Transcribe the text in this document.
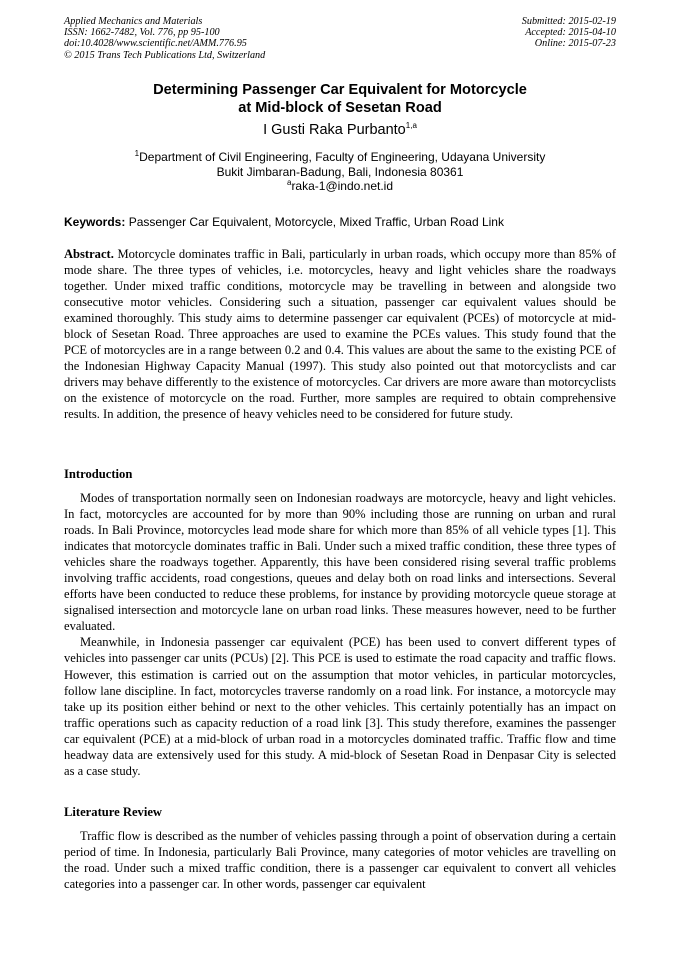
Applied Mechanics and Materials
ISSN: 1662-7482, Vol. 776, pp 95-100
doi:10.4028/www.scientific.net/AMM.776.95
© 2015 Trans Tech Publications Ltd, Switzerland
Submitted: 2015-02-19
Accepted: 2015-04-10
Online: 2015-07-23
Determining Passenger Car Equivalent for Motorcycle
at Mid-block of Sesetan Road
I Gusti Raka Purbanto$^{1,a}$
$^1$Department of Civil Engineering, Faculty of Engineering, Udayana University
Bukit Jimbaran-Badung, Bali, Indonesia 80361
$^a$raka-1@indo.net.id
Keywords: Passenger Car Equivalent, Motorcycle, Mixed Traffic, Urban Road Link
Abstract. Motorcycle dominates traffic in Bali, particularly in urban roads, which occupy more than 85% of mode share. The three types of vehicles, i.e. motorcycles, heavy and light vehicles share the roadways together. Under mixed traffic conditions, motorcycle may be travelling in between and alongside two consecutive motor vehicles. Considering such a situation, passenger car equivalent values should be examined thoroughly. This study aims to determine passenger car equivalent (PCEs) of motorcycle at mid-block of Sesetan Road. Three approaches are used to examine the PCEs values. This study found that the PCE of motorcycles are in a range between 0.2 and 0.4. This values are about the same to the existing PCE of the Indonesian Highway Capacity Manual (1997). This study also pointed out that motorcyclists and car drivers may behave differently to the existence of motorcycles. Car drivers are more aware than motorcyclists on the existence of motorcycle on the road. Further, more samples are required to obtain comprehensive results. In addition, the presence of heavy vehicles need to be considered for future study.
Introduction

Modes of transportation normally seen on Indonesian roadways are motorcycle, heavy and light vehicles. In fact, motorcycles are accounted for by more than 90% including those are running on urban and rural roads. In Bali Province, motorcycles lead mode share for which more than 85% of all vehicle types [1]. This indicates that motorcycle dominates traffic in Bali. Under such a mixed traffic condition, these three types of vehicles share the roadways together. Apparently, this have been considered rising several traffic problems involving traffic accidents, road congestions, queues and delay both on road links and intersections. Several efforts have been conducted to reduce these problems, for instance by providing motorcycle queue storage at signalised intersection and motorcycle lane on urban road links. These measures however, need to be further evaluated.

Meanwhile, in Indonesia passenger car equivalent (PCE) has been used to convert different types of vehicles into passenger car units (PCUs) [2]. This PCE is used to estimate the road capacity and traffic flows. However, this estimation is carried out on the assumption that motor vehicles, in particular motorcycles, follow lane discipline. In fact, motorcycles traverse randomly on a road link. For instance, a motorcycle may take up its position either behind or next to the other vehicles. This certainly potentially has an impact on traffic operations such as capacity reduction of a road link [3]. This study therefore, examines the passenger car equivalent (PCE) at a mid-block of urban road in a motorcycles dominated traffic. Traffic flow and time headway data are extensively used for this study. A mid-block of Sesetan Road in Denpasar City is selected as a case study.

Literature Review

Traffic flow is described as the number of vehicles passing through a point of observation during a certain period of time. In Indonesia, particularly Bali Province, many categories of motor vehicles are travelling on the road. Under such a mixed traffic condition, there is a passenger car equivalent to convert all vehicles categories into a passenger car. In other words, passenger car equivalent
